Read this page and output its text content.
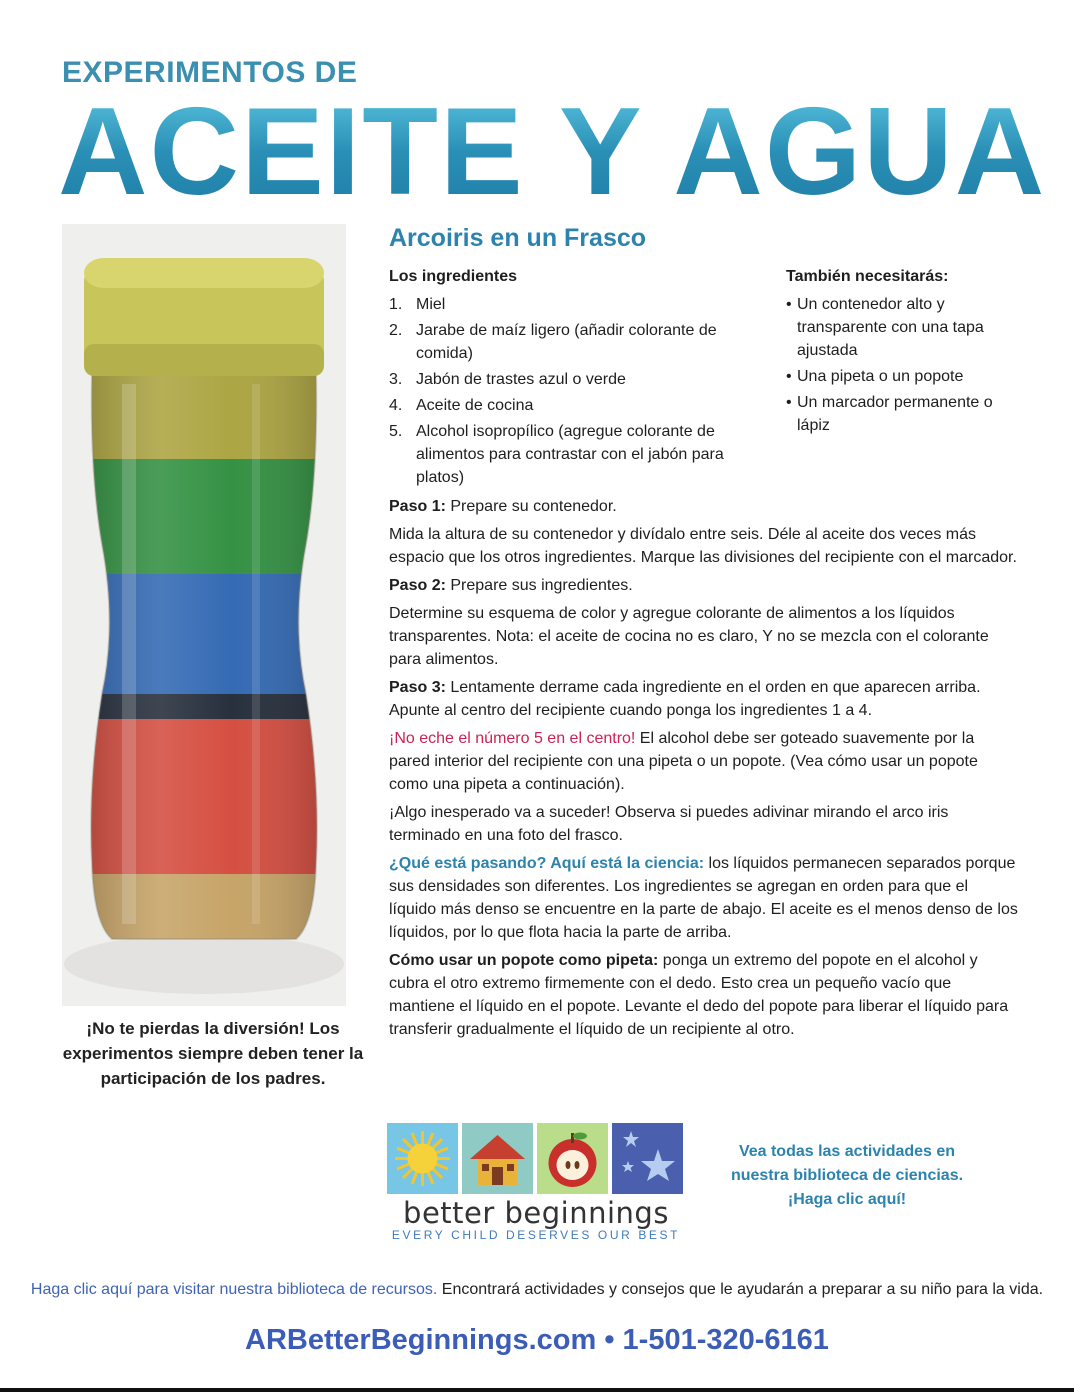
EXPERIMENTOS DE
ACEITE Y AGUA
¡No te pierdas la diversión! Los experimentos siempre deben tener la participación de los padres.
Arcoiris en un Frasco
Los ingredientes
1. Miel
2. Jarabe de maíz ligero (añadir colorante de comida)
3. Jabón de trastes azul o verde
4. Aceite de cocina
5. Alcohol isopropílico (agregue colorante de alimentos para contrastar con el jabón para platos)
También necesitarás:
• Un contenedor alto y transparente con una tapa ajustada
• Una pipeta o un popote
• Un marcador permanente o lápiz

Paso 1: Prepare su contenedor.

Mida la altura de su contenedor y divídalo entre seis. Déle al aceite dos veces más espacio que los otros ingredientes. Marque las divisiones del recipiente con el marcador.

Paso 2: Prepare sus ingredientes.

Determine su esquema de color y agregue colorante de alimentos a los líquidos transparentes. Nota: el aceite de cocina no es claro, Y no se mezcla con el colorante para alimentos.

Paso 3: Lentamente derrame cada ingrediente en el orden en que aparecen arriba. Apunte al centro del recipiente cuando ponga los ingredientes 1 a 4.

¡No eche el número 5 en el centro! El alcohol debe ser goteado suavemente por la pared interior del recipiente con una pipeta o un popote. (Vea cómo usar un popote como una pipeta a continuación).

¡Algo inesperado va a suceder! Observa si puedes adivinar mirando el arco iris terminado en una foto del frasco.

¿Qué está pasando? Aquí está la ciencia: los líquidos permanecen separados porque sus densidades son diferentes. Los ingredientes se agregan en orden para que el líquido más denso se encuentre en la parte de abajo. El aceite es el menos denso de los líquidos, por lo que flota hacia la parte de arriba.

Cómo usar un popote como pipeta: ponga un extremo del popote en el alcohol y cubra el otro extremo firmemente con el dedo. Esto crea un pequeño vacío que mantiene el líquido en el popote. Levante el dedo del popote para liberar el líquido para transferir gradualmente el líquido de un recipiente al otro.

better beginnings
EVERY CHILD DESERVES OUR BEST
Vea todas las actividades en nuestra biblioteca de ciencias. ¡Haga clic aquí!
Haga clic aquí para visitar nuestra biblioteca de recursos. Encontrará actividades y consejos que le ayudarán a preparar a su niño para la vida.
ARBetterBeginnings.com • 1-501-320-6161
